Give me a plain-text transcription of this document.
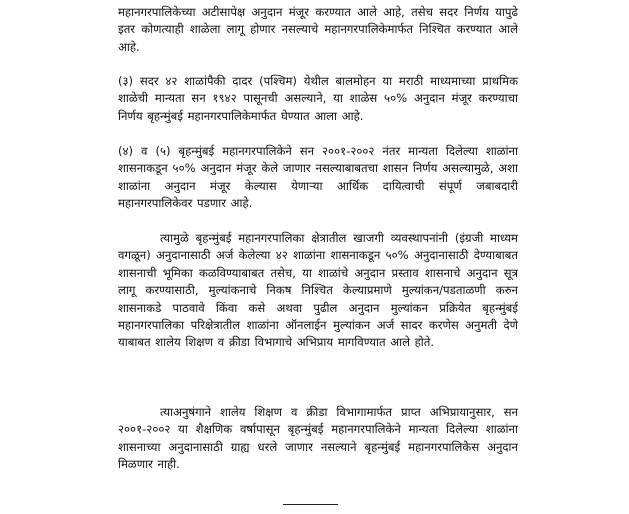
महानगरपालिकेच्या अटीसापेक्ष अनुदान मंजूर करण्यात आले आहे, तसेच सदर निर्णय यापुढे इतर कोणत्याही शाळेला लागू होणार नसल्याचे महानगरपालिकेमार्फत निश्चित करण्यात आले आहे.

(३) सदर ४२ शाळांपैकी दादर (पश्चिम) येथील बालमोहन या मराठी माध्यमाच्या प्राथमिक शाळेची मान्यता सन १९४२ पासूनची असल्याने, या शाळेस ५०% अनुदान मंजूर करण्याचा निर्णय बृहन्मुंबई महानगरपालिकेमार्फत घेण्यात आला आहे.

(४) व (५) बृहन्मुंबई महानगरपालिकेने सन २००१-२००२ नंतर मान्यता दिलेल्या शाळांना शासनाकडून ५०% अनुदान मंजूर केले जाणार नसल्याबाबतचा शासन निर्णय असल्यामुळे, अशा शाळांना अनुदान मंजूर केल्यास येणाऱ्या आर्थिक दायित्वाची संपूर्ण जबाबदारी महानगरपालिकेवर पडणार आहे.

त्यामुळे बृहन्मुंबई महानगरपालिका क्षेत्रातील खाजगी व्यवस्थापनांनी (इंग्रजी माध्यम वगळून) अनुदानासाठी अर्ज केलेल्या ४२ शाळांना शासनाकडून ५०% अनुदानासाठी देण्याबाबत शासनाची भूमिका कळविण्याबाबत तसेच, या शाळांचे अनुदान प्रस्ताव शासनाचे अनुदान सूत्र लागू करण्यासाठी, मुल्यांकनाचे निकष निश्चित केल्याप्रमाणे मुल्यांकन/पडताळणी करुन शासनाकडे पाठवावे किंवा कसे अथवा पुढील अनुदान मुल्यांकन प्रक्रियेत बृहन्मुंबई महानगरपालिका परिक्षेत्रातील शाळांना ऑनलाईन मुल्यांकन अर्ज सादर करणेस अनुमती देणे याबाबत शालेय शिक्षण व क्रीडा विभागाचे अभिप्राय मागविण्यात आले होते.

त्याअनुषंगाने शालेय शिक्षण व क्रीडा विभागामार्फत प्राप्त अभिप्रायानुसार, सन २००१-२००२ या शैक्षणिक वर्षापासून बृहन्मुंबई महानगरपालिकेने मान्यता दिलेल्या शाळांना शासनाच्या अनुदानासाठी ग्राह्य धरले जाणार नसल्याने बृहन्मुंबई महानगरपालिकेस अनुदान मिळणार नाही.
